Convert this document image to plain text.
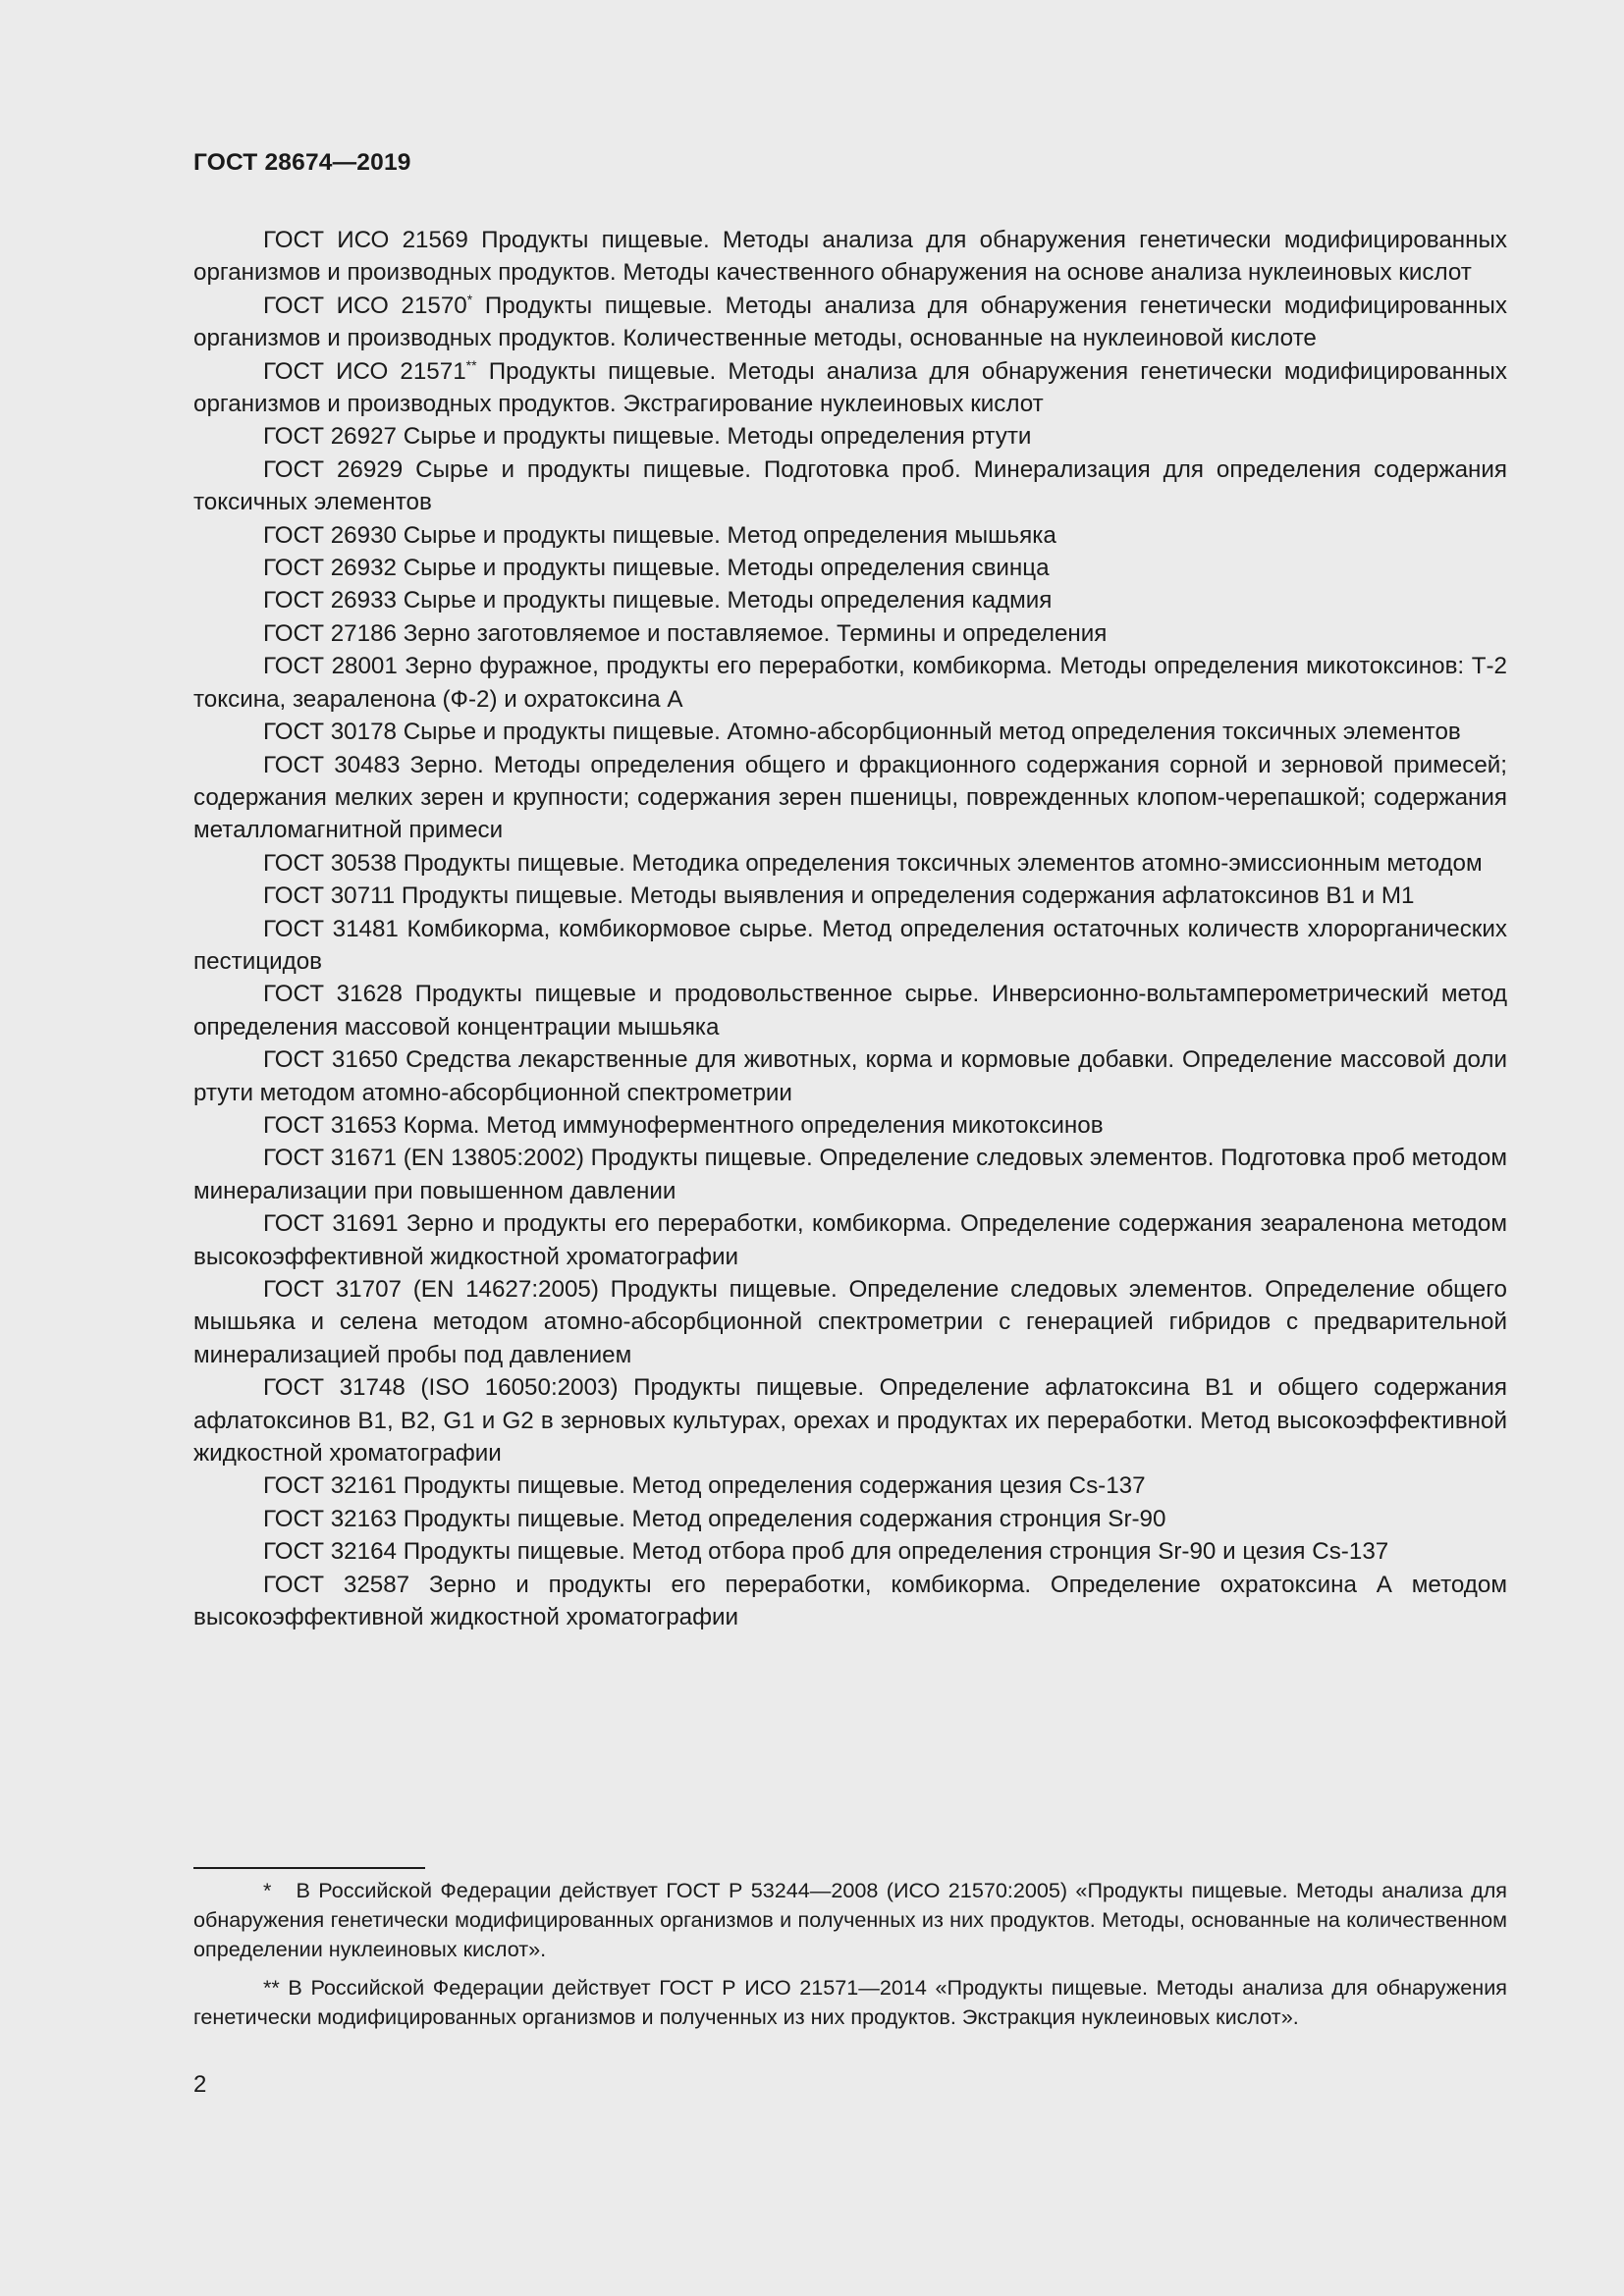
ГОСТ 28674—2019

ГОСТ ИСО 21569 Продукты пищевые. Методы анализа для обнаружения генетически модифицированных организмов и производных продуктов. Методы качественного обнаружения на основе анализа нуклеиновых кислот

ГОСТ ИСО 21570* Продукты пищевые. Методы анализа для обнаружения генетически модифицированных организмов и производных продуктов. Количественные методы, основанные на нуклеиновой кислоте

ГОСТ ИСО 21571** Продукты пищевые. Методы анализа для обнаружения генетически модифицированных организмов и производных продуктов. Экстрагирование нуклеиновых кислот

ГОСТ 26927 Сырье и продукты пищевые. Методы определения ртути

ГОСТ 26929 Сырье и продукты пищевые. Подготовка проб. Минерализация для определения содержания токсичных элементов

ГОСТ 26930 Сырье и продукты пищевые. Метод определения мышьяка

ГОСТ 26932 Сырье и продукты пищевые. Методы определения свинца

ГОСТ 26933 Сырье и продукты пищевые. Методы определения кадмия

ГОСТ 27186 Зерно заготовляемое и поставляемое. Термины и определения

ГОСТ 28001 Зерно фуражное, продукты его переработки, комбикорма. Методы определения микотоксинов: Т-2 токсина, зеараленона (Ф-2) и охратоксина А

ГОСТ 30178 Сырье и продукты пищевые. Атомно-абсорбционный метод определения токсичных элементов

ГОСТ 30483 Зерно. Методы определения общего и фракционного содержания сорной и зерновой примесей; содержания мелких зерен и крупности; содержания зерен пшеницы, поврежденных клопом-черепашкой; содержания металломагнитной примеси

ГОСТ 30538 Продукты пищевые. Методика определения токсичных элементов атомно-эмиссионным методом

ГОСТ 30711 Продукты пищевые. Методы выявления и определения содержания афлатоксинов В1 и М1

ГОСТ 31481 Комбикорма, комбикормовое сырье. Метод определения остаточных количеств хлорорганических пестицидов

ГОСТ 31628 Продукты пищевые и продовольственное сырье. Инверсионно-вольтамперометрический метод определения массовой концентрации мышьяка

ГОСТ 31650 Средства лекарственные для животных, корма и кормовые добавки. Определение массовой доли ртути методом атомно-абсорбционной спектрометрии

ГОСТ 31653 Корма. Метод иммуноферментного определения микотоксинов

ГОСТ 31671 (EN 13805:2002) Продукты пищевые. Определение следовых элементов. Подготовка проб методом минерализации при повышенном давлении

ГОСТ 31691 Зерно и продукты его переработки, комбикорма. Определение содержания зеараленона методом высокоэффективной жидкостной хроматографии

ГОСТ 31707 (EN 14627:2005) Продукты пищевые. Определение следовых элементов. Определение общего мышьяка и селена методом атомно-абсорбционной спектрометрии с генерацией гибридов с предварительной минерализацией пробы под давлением

ГОСТ 31748 (ISO 16050:2003) Продукты пищевые. Определение афлатоксина В1 и общего содержания афлатоксинов В1, В2, G1 и G2 в зерновых культурах, орехах и продуктах их переработки. Метод высокоэффективной жидкостной хроматографии

ГОСТ 32161 Продукты пищевые. Метод определения содержания цезия Cs-137

ГОСТ 32163 Продукты пищевые. Метод определения содержания стронция Sr-90

ГОСТ 32164 Продукты пищевые. Метод отбора проб для определения стронция Sr-90 и цезия Cs-137

ГОСТ 32587 Зерно и продукты его переработки, комбикорма. Определение охратоксина А методом высокоэффективной жидкостной хроматографии

*   В Российской Федерации действует ГОСТ Р 53244—2008 (ИСО 21570:2005) «Продукты пищевые. Методы анализа для обнаружения генетически модифицированных организмов и полученных из них продуктов. Методы, основанные на количественном определении нуклеиновых кислот».

** В Российской Федерации действует ГОСТ Р ИСО 21571—2014 «Продукты пищевые. Методы анализа для обнаружения генетически модифицированных организмов и полученных из них продуктов. Экстракция нуклеиновых кислот».

2
